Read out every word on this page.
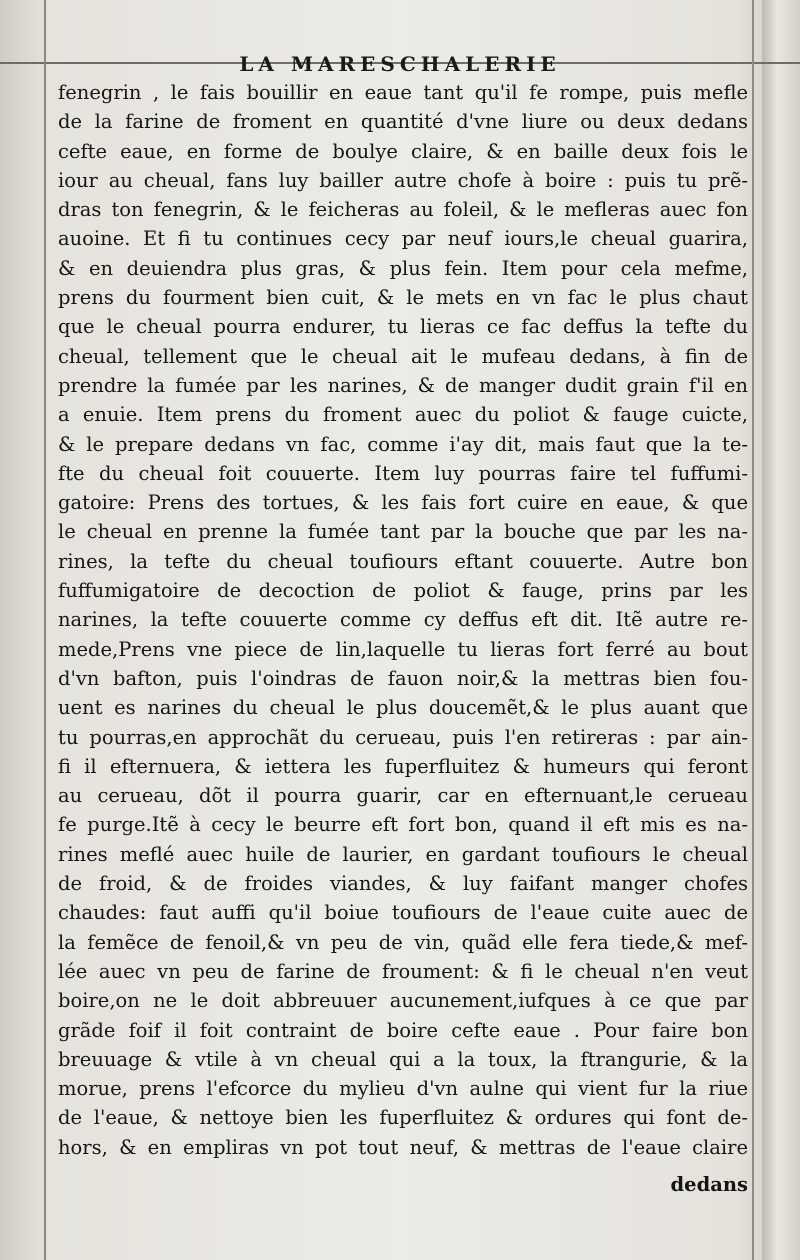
LA MARESCHALERIE
fenegrin , le fais bouillir en eaue tant qu'il fe rompe, puis mefle
de la farine de froment en quantité d'vne liure ou deux dedans
cefte eaue, en forme de boulye claire, & en baille deux fois le
iour au cheual, fans luy bailler autre chofe à boire : puis tu prẽ-
dras ton fenegrin, & le feicheras au foleil, & le mefleras auec fon
auoine. Et fi tu continues cecy par neuf iours,le cheual guarira,
& en deuiendra plus gras, & plus fein. Item pour cela mefme,
prens du fourment bien cuit, & le mets en vn fac le plus chaut
que le cheual pourra endurer, tu lieras ce fac deffus la tefte du
cheual, tellement que le cheual ait le mufeau dedans, à fin de
prendre la fumée par les narines, & de manger dudit grain f'il en
a enuie. Item prens du froment auec du poliot & fauge cuicte,
& le prepare dedans vn fac, comme i'ay dit, mais faut que la te-
fte du cheual foit couuerte. Item luy pourras faire tel fuffumi-
gatoire: Prens des tortues, & les fais fort cuire en eaue, & que
le cheual en prenne la fumée tant par la bouche que par les na-
rines, la tefte du cheual toufiours eftant couuerte. Autre bon
fuffumigatoire de decoction de poliot & fauge, prins par les
narines, la tefte couuerte comme cy deffus eft dit. Itẽ autre re-
mede,Prens vne piece de lin,laquelle tu lieras fort ferré au bout
d'vn bafton, puis l'oindras de fauon noir,& la mettras bien fou-
uent es narines du cheual le plus doucemẽt,& le plus auant que
tu pourras,en approchãt du cerueau, puis l'en retireras : par ain-
fi il efternuera, & iettera les fuperfluitez & humeurs qui feront
au cerueau, dõt il pourra guarir, car en efternuant,le cerueau
fe purge.Itẽ à cecy le beurre eft fort bon, quand il eft mis es na-
rines meflé auec huile de laurier, en gardant toufiours le cheual
de froid, & de froides viandes, & luy faifant manger chofes
chaudes: faut auffi qu'il boiue toufiours de l'eaue cuite auec de
la femẽce de fenoil,& vn peu de vin, quãd elle fera tiede,& mef-
lée auec vn peu de farine de froument: & fi le cheual n'en veut
boire,on ne le doit abbreuuer aucunement,iufques à ce que par
grãde foif il foit contraint de boire cefte eaue . Pour faire bon
breuuage & vtile à vn cheual qui a la toux, la ftrangurie, & la
morue, prens l'efcorce du mylieu d'vn aulne qui vient fur la riue
de l'eaue, & nettoye bien les fuperfluitez & ordures qui font de-
hors, & en empliras vn pot tout neuf, & mettras de l'eaue claire
dedans
